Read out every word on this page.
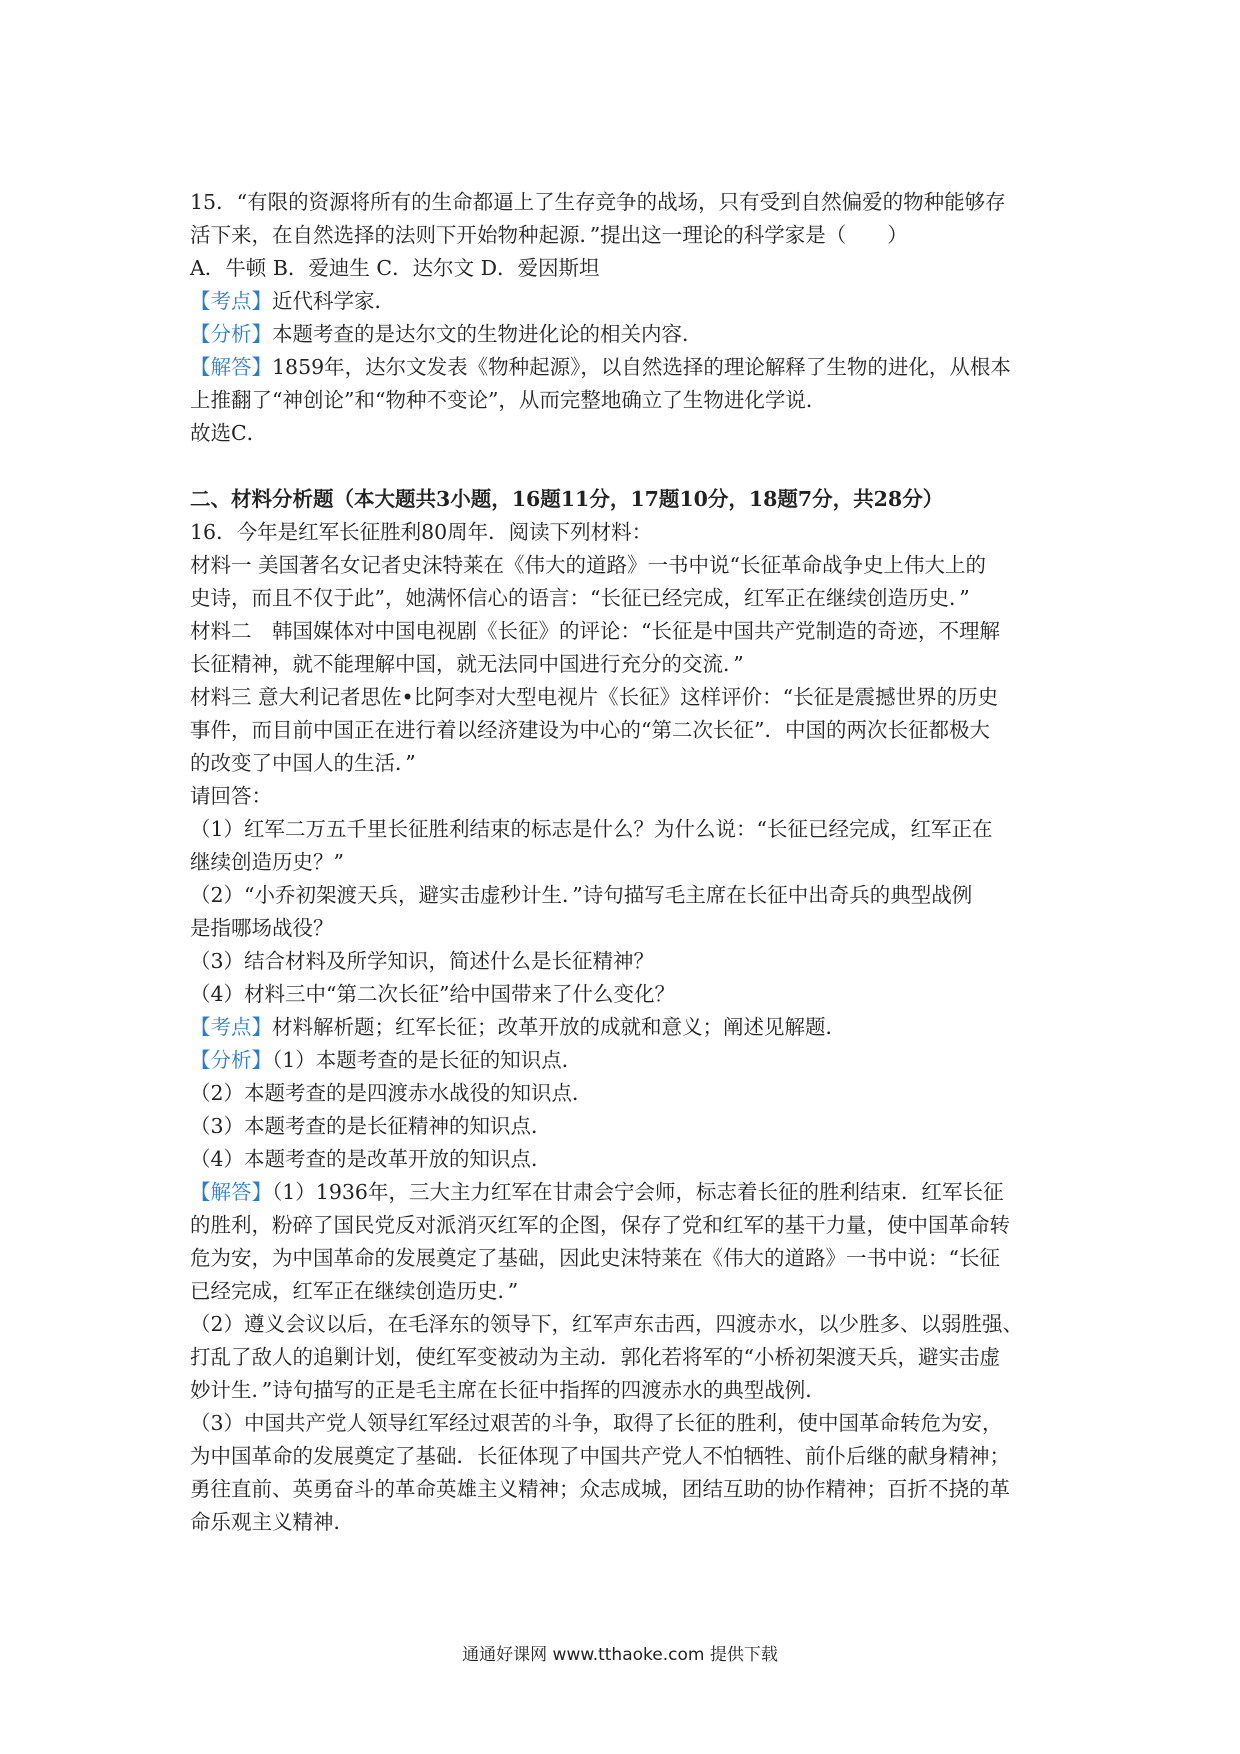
15．“有限的资源将所有的生命都逼上了生存竞争的战场，只有受到自然偏爱的物种能够存

活下来，在自然选择的法则下开始物种起源．”提出这一理论的科学家是（　　）

A．牛顿 B．爱迪生 C．达尔文 D．爱因斯坦

【考点】近代科学家．

【分析】本题考查的是达尔文的生物进化论的相关内容．

【解答】1859年，达尔文发表《物种起源》，以自然选择的理论解释了生物的进化，从根本

上推翻了“神创论”和“物种不变论”，从而完整地确立了生物进化学说．

故选C．

二、材料分析题（本大题共3小题，16题11分，17题10分，18题7分，共28分）

16．今年是红军长征胜利80周年．阅读下列材料：

材料一 美国著名女记者史沫特莱在《伟大的道路》一书中说“长征革命战争史上伟大上的

史诗，而且不仅于此”，她满怀信心的语言：“长征已经完成，红军正在继续创造历史．”

材料二　韩国媒体对中国电视剧《长征》的评论：“长征是中国共产党制造的奇迹，不理解

长征精神，就不能理解中国，就无法同中国进行充分的交流．”

材料三 意大利记者思佐•比阿李对大型电视片《长征》这样评价：“长征是震撼世界的历史

事件，而目前中国正在进行着以经济建设为中心的“第二次长征”．中国的两次长征都极大

的改变了中国人的生活．”

请回答：

（1）红军二万五千里长征胜利结束的标志是什么？为什么说：“长征已经完成，红军正在

继续创造历史？”

（2）“小乔初架渡天兵，避实击虚秒计生．”诗句描写毛主席在长征中出奇兵的典型战例

是指哪场战役？

（3）结合材料及所学知识，简述什么是长征精神？

（4）材料三中“第二次长征”给中国带来了什么变化？

【考点】材料解析题；红军长征；改革开放的成就和意义；阐述见解题．

【分析】（1）本题考查的是长征的知识点．

（2）本题考查的是四渡赤水战役的知识点．

（3）本题考查的是长征精神的知识点．

（4）本题考查的是改革开放的知识点．

【解答】（1）1936年，三大主力红军在甘肃会宁会师，标志着长征的胜利结束．红军长征

的胜利，粉碎了国民党反对派消灭红军的企图，保存了党和红军的基干力量，使中国革命转

危为安，为中国革命的发展奠定了基础，因此史沫特莱在《伟大的道路》一书中说：“长征

已经完成，红军正在继续创造历史．”

（2）遵义会议以后，在毛泽东的领导下，红军声东击西，四渡赤水，以少胜多、以弱胜强、

打乱了敌人的追剿计划，使红军变被动为主动．郭化若将军的“小桥初架渡天兵，避实击虚

妙计生．”诗句描写的正是毛主席在长征中指挥的四渡赤水的典型战例．

（3）中国共产党人领导红军经过艰苦的斗争，取得了长征的胜利，使中国革命转危为安，

为中国革命的发展奠定了基础．长征体现了中国共产党人不怕牺牲、前仆后继的献身精神；

勇往直前、英勇奋斗的革命英雄主义精神；众志成城，团结互助的协作精神；百折不挠的革

命乐观主义精神．

通通好课网 www.tthaoke.com 提供下载
